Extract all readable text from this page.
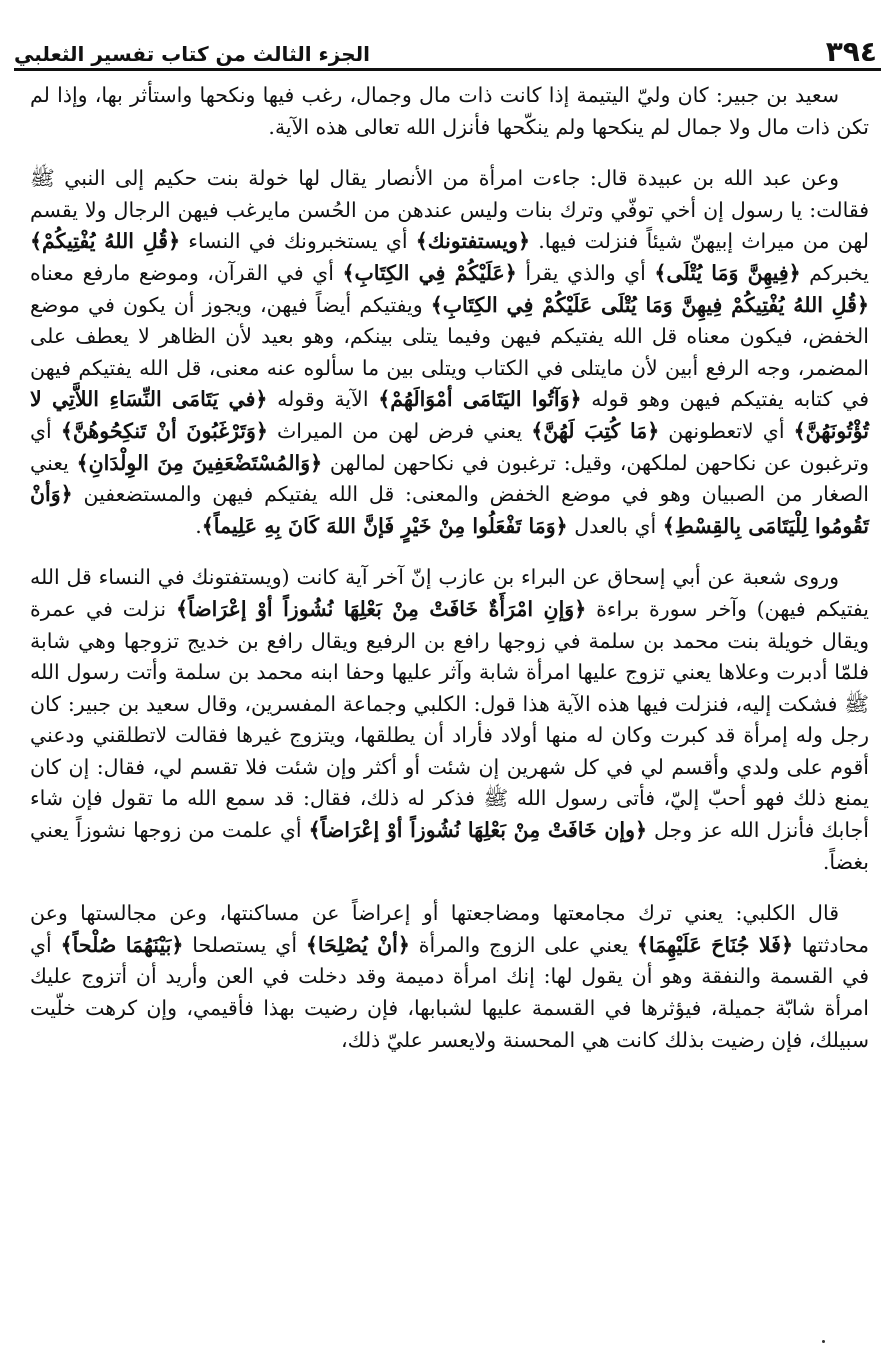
الجزء الثالث من كتاب تفسير الثعلبي	٣٩٤

سعيد بن جبير: كان وليّ اليتيمة إذا كانت ذات مال وجمال، رغب فيها ونكحها واستأثر بها، وإذا لم تكن ذات مال ولا جمال لم ينكحها ولم ينكّحها فأنزل الله تعالى هذه الآية.

وعن عبد الله بن عبيدة قال: جاءت امرأة من الأنصار يقال لها خولة بنت حكيم إلى النبي ﷺ فقالت: يا رسول إن أخي توفّي وترك بنات وليس عندهن من الحُسن مايرغب فيهن الرجال ولا يقسم لهن من ميراث إبيهنّ شيئاً فنزلت فيها. ﴿ويستفتونك﴾ أي يستخبرونك في النساء ﴿قُلِ اللهُ يُفْتِيكُمْ﴾ يخبركم ﴿فِيهِنَّ وَمَا يُتْلَى﴾ أي والذي يقرأ ﴿عَلَيْكُمْ فِي الكِتَابِ﴾ أي في القرآن، وموضع مارفع معناه ﴿قُلِ اللهُ يُفْتِيكُمْ فِيهِنَّ وَمَا يُتْلَى عَلَيْكُمْ فِي الكِتَابِ﴾ ويفتيكم أيضاً فيهن، ويجوز أن يكون في موضع الخفض، فيكون معناه قل الله يفتيكم فيهن وفيما يتلى بينكم، وهو بعيد لأن الظاهر لا يعطف على المضمر، وجه الرفع أبين لأن مايتلى في الكتاب ويتلى بين ما سألوه عنه معنى، قل الله يفتيكم فيهن في كتابه يفتيكم فيهن وهو قوله ﴿وَآتُوا اليَتَامَى أمْوَالَهُمْ﴾ الآية وقوله ﴿في يَتَامَى النِّسَاءِ اللاَّتِي لا تُؤْتُونَهُنَّ﴾ أي لاتعطونهن ﴿مَا كُتِبَ لَهُنَّ﴾ يعني فرض لهن من الميراث ﴿وَتَرْغَبُونَ أنْ تَنكِحُوهُنَّ﴾ أي وترغبون عن نكاحهن لملكهن، وقيل: ترغبون في نكاحهن لمالهن ﴿وَالمُسْتَضْعَفِينَ مِنَ الوِلْدَانِ﴾ يعني الصغار من الصبيان وهو في موضع الخفض والمعنى: قل الله يفتيكم فيهن والمستضعفين ﴿وَأنْ تَقُومُوا لِلْيَتَامَى بِالقِسْطِ﴾ أي بالعدل ﴿وَمَا تَفْعَلُوا مِنْ خَيْرٍ فَإنَّ اللهَ كَانَ بِهِ عَلِيماً﴾.

وروى شعبة عن أبي إسحاق عن البراء بن عازب إنّ آخر آية كانت (ويستفتونك في النساء قل الله يفتيكم فيهن) وآخر سورة براءة ﴿وَإنِ امْرَأَةٌ خَافَتْ مِنْ بَعْلِهَا نُشُوزاً أوْ إعْرَاضاً﴾ نزلت في عمرة ويقال خويلة بنت محمد بن سلمة في زوجها رافع بن الرفيع ويقال رافع بن خديج تزوجها وهي شابة فلمّا أدبرت وعلاها يعني تزوج عليها امرأة شابة وآثر عليها وحفا ابنه محمد بن سلمة وأتت رسول الله ﷺ فشكت إليه، فنزلت فيها هذه الآية هذا قول: الكلبي وجماعة المفسرين، وقال سعيد بن جبير: كان رجل وله إمرأة قد كبرت وكان له منها أولاد فأراد أن يطلقها، ويتزوج غيرها فقالت لاتطلقني ودعني أقوم على ولدي وأقسم لي في كل شهرين إن شئت أو أكثر وإن شئت فلا تقسم لي، فقال: إن كان يمنع ذلك فهو أحبّ إليّ، فأتى رسول الله ﷺ فذكر له ذلك، فقال: قد سمع الله ما تقول فإن شاء أجابك فأنزل الله عز وجل ﴿وإن خَافَتْ مِنْ بَعْلِهَا نُشُوزاً أوْ إعْرَاضاً﴾ أي علمت من زوجها نشوزاً يعني بغضاً.

قال الكلبي: يعني ترك مجامعتها ومضاجعتها أو إعراضاً عن مساكنتها، وعن مجالستها وعن محادثتها ﴿فَلا جُنَاحَ عَلَيْهِمَا﴾ يعني على الزوج والمرأة ﴿أنْ يُصْلِحَا﴾ أي يستصلحا ﴿بَيْنَهُمَا صُلْحاً﴾ أي في القسمة والنفقة وهو أن يقول لها: إنك امرأة دميمة وقد دخلت في العن وأريد أن أتزوج عليك امرأة شابّة جميلة، فيؤثرها في القسمة عليها لشبابها، فإن رضيت بهذا فأقيمي، وإن كرهت خلّيت سبيلك، فإن رضيت بذلك كانت هي المحسنة ولايعسر عليّ ذلك،
